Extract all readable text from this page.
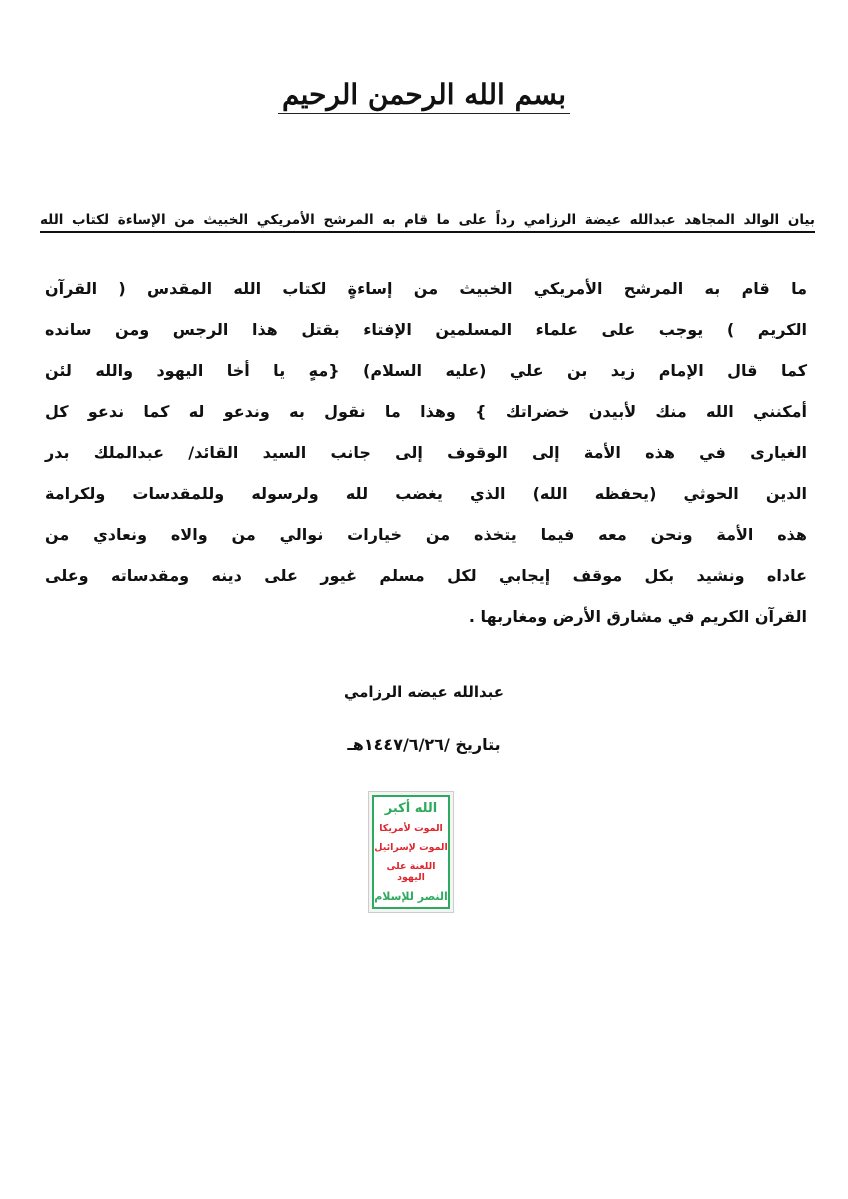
بسم الله الرحمن الرحيم
بيان الوالد المجاهد عبدالله عيضة الرزامي رداً على ما قام به المرشح الأمريكي الخبيث من الإساءة لكتاب الله
ما قام به المرشح الأمريكي الخبيث من إساءةٍ لكتاب الله المقدس ( القرآن
الكريم ) يوجب على علماء المسلمين الإفتاء بقتل هذا الرجس ومن سانده
كما قال الإمام زيد بن علي (عليه السلام) {مهٍ يا أخا اليهود والله لئن
أمكنني الله منك لأبيدن خضراتك } وهذا ما نقول به وندعو له كما ندعو كل
الغيارى في هذه الأمة إلى الوقوف إلى جانب السيد القائد/ عبدالملك بدر
الدين الحوثي (يحفظه الله) الذي يغضب لله ولرسوله وللمقدسات ولكرامة
هذه الأمة ونحن معه فيما يتخذه من خيارات نوالي من والاه ونعادي من
عاداه ونشيد بكل موقف إيجابي لكل مسلم غيور على دينه ومقدساته وعلى
القرآن الكريم في مشارق الأرض ومغاربها .
عبدالله عيضه الرزامي
بتاريخ /١٤٤٧/٦/٢٦هـ
الله أكبر
الموت لأمريكا
الموت لإسرائيل
اللعنة على اليهود
النصر للإسلام
